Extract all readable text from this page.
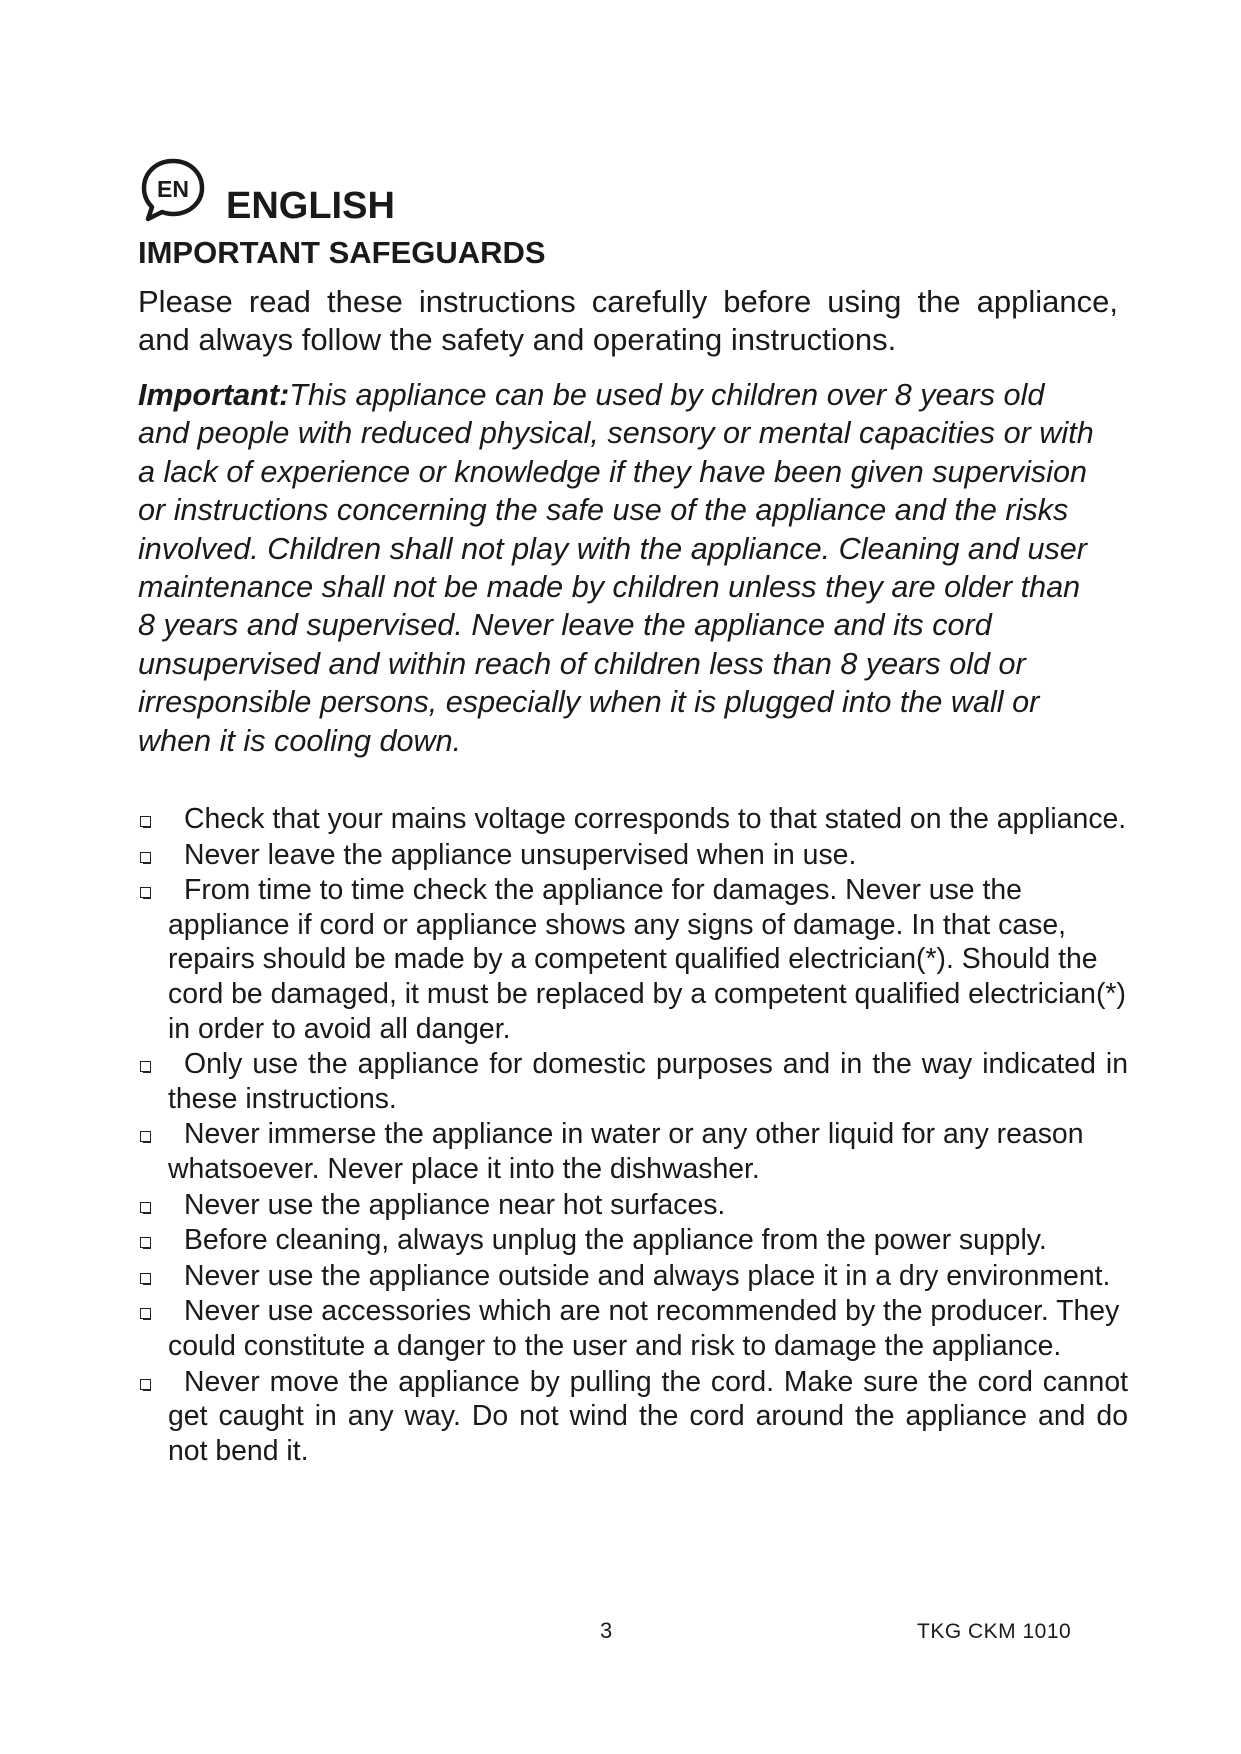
EN ENGLISH
IMPORTANT SAFEGUARDS

Please read these instructions carefully before using the appliance, and always follow the safety and operating instructions.

Important:This appliance can be used by children over 8 years old and people with reduced physical, sensory or mental capacities or with a lack of experience or knowledge if they have been given supervision or instructions concerning the safe use of the appliance and the risks involved. Children shall not play with the appliance. Cleaning and user maintenance shall not be made by children unless they are older than 8 years and supervised. Never leave the appliance and its cord unsupervised and within reach of children less than 8 years old or irresponsible persons, especially when it is plugged into the wall or when it is cooling down.

Check that your mains voltage corresponds to that stated on the appliance.
Never leave the appliance unsupervised when in use.
From time to time check the appliance for damages. Never use the appliance if cord or appliance shows any signs of damage. In that case, repairs should be made by a competent qualified electrician(*). Should the cord be damaged, it must be replaced by a competent qualified electrician(*) in order to avoid all danger.
Only use the appliance for domestic purposes and in the way indicated in these instructions.
Never immerse the appliance in water or any other liquid for any reason whatsoever. Never place it into the dishwasher.
Never use the appliance near hot surfaces.
Before cleaning, always unplug the appliance from the power supply.
Never use the appliance outside and always place it in a dry environment.
Never use accessories which are not recommended by the producer. They could constitute a danger to the user and risk to damage the appliance.
Never move the appliance by pulling the cord. Make sure the cord cannot get caught in any way. Do not wind the cord around the appliance and do not bend it.
3	TKG CKM 1010
